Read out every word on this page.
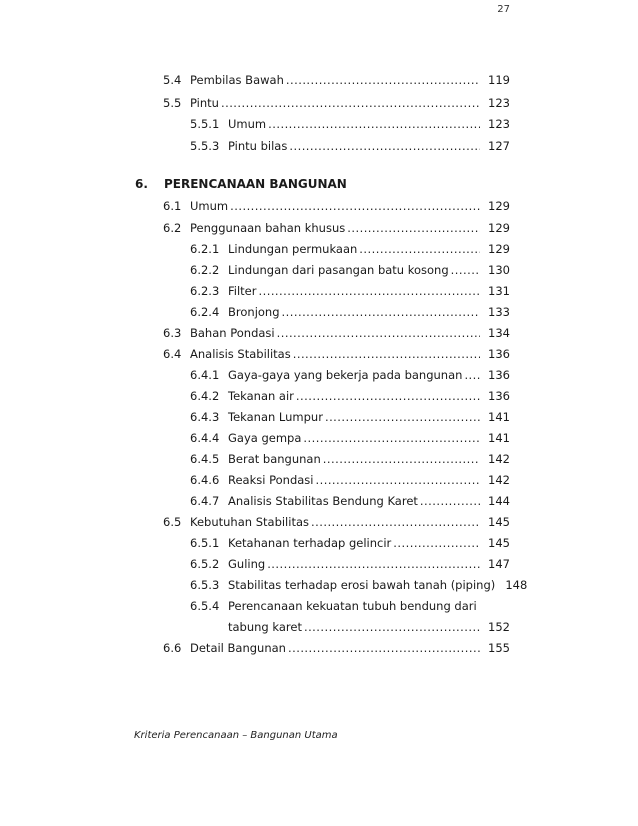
27
5.4 Pembilas Bawah . . .	119
5.5 Pintu . . .	123
5.5.1 Umum . . .	123
5.5.3 Pintu bilas . . .	127
6.	PERENCANAAN BANGUNAN
6.1 Umum . . .	129
6.2 Penggunaan bahan khusus . . .	129
6.2.1 Lindungan permukaan . . .	129
6.2.2 Lindungan dari pasangan batu kosong . . .	130
6.2.3 Filter . . .	131
6.2.4 Bronjong . . .	133
6.3 Bahan Pondasi . . .	134
6.4 Analisis Stabilitas . . .	136
6.4.1 Gaya-gaya yang bekerja pada bangunan . . .	136
6.4.2 Tekanan air . . .	136
6.4.3 Tekanan Lumpur . . .	141
6.4.4 Gaya gempa . . .	141
6.4.5 Berat bangunan . . .	142
6.4.6 Reaksi Pondasi . . .	142
6.4.7 Analisis Stabilitas Bendung Karet . . .	144
6.5 Kebutuhan Stabilitas . . .	145
6.5.1 Ketahanan terhadap gelincir . . .	145
6.5.2 Guling . . .	147
6.5.3 Stabilitas terhadap erosi bawah tanah (piping) 148
6.5.4 Perencanaan kekuatan tubuh bendung dari
tabung karet . . .	152
6.6 Detail Bangunan . . .	155
Kriteria Perencanaan – Bangunan Utama
